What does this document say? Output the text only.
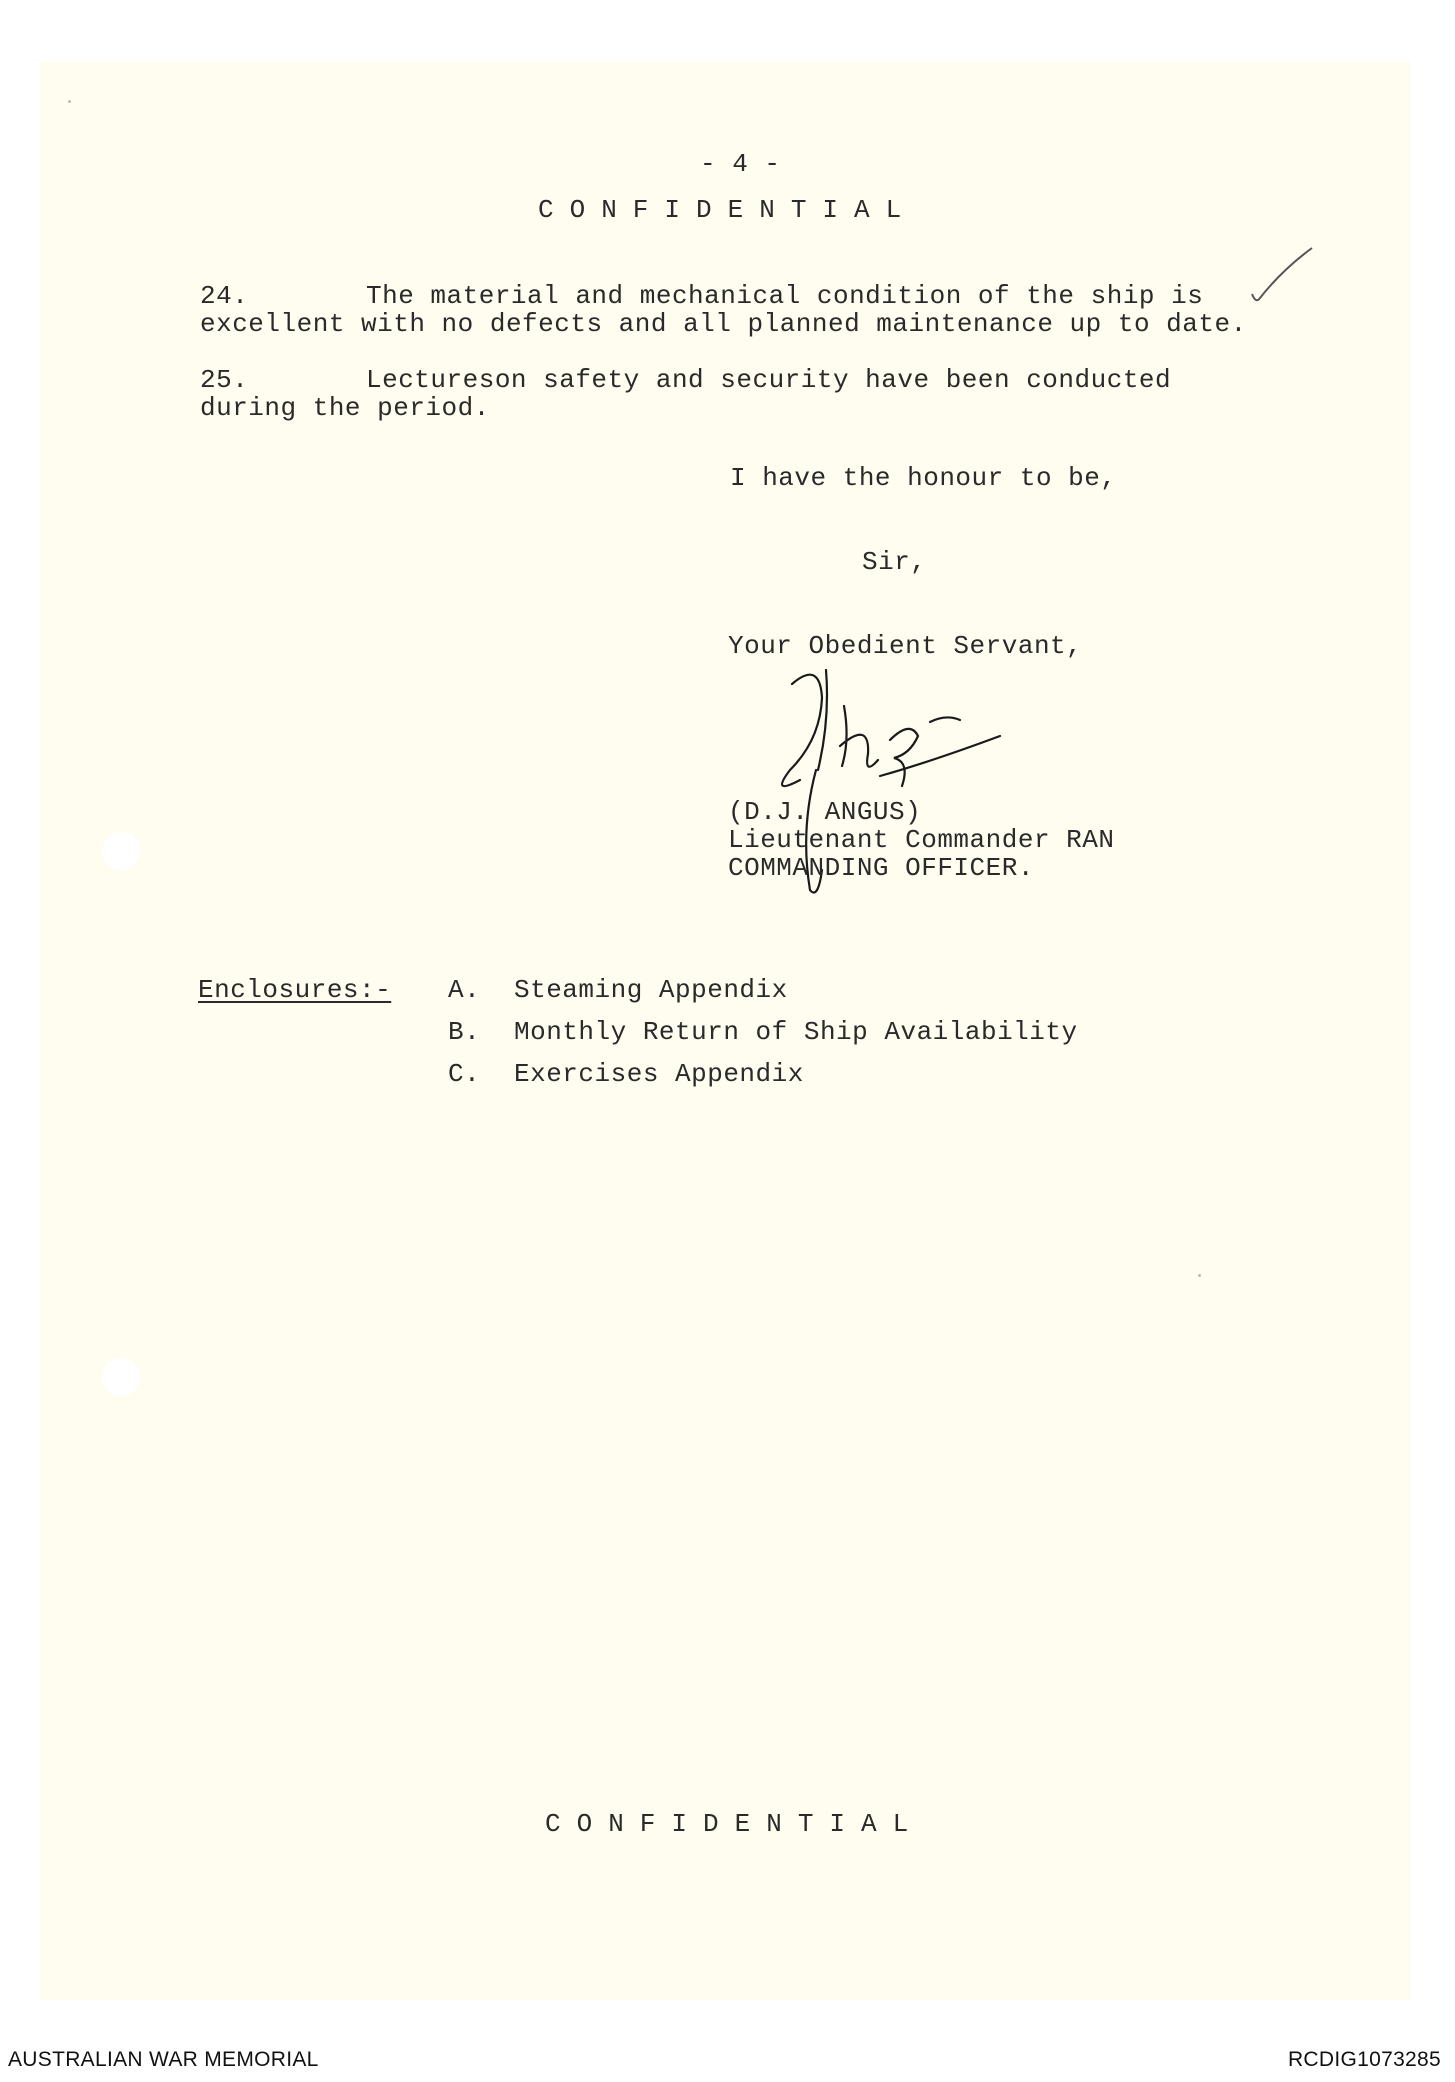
- 4 -
CONFIDENTIAL
24.	The material and mechanical condition of the ship is
excellent with no defects and all planned maintenance up to date.
25.	Lectureson safety and security have been conducted
during the period.
I have the honour to be,
Sir,
Your Obedient Servant,
(D.J. ANGUS)
Lieutenant Commander RAN
COMMANDING OFFICER.
Enclosures:- A. Steaming Appendix
B. Monthly Return of Ship Availability
C. Exercises Appendix
CONFIDENTIAL
AUSTRALIAN WAR MEMORIAL	RCDIG1073285
